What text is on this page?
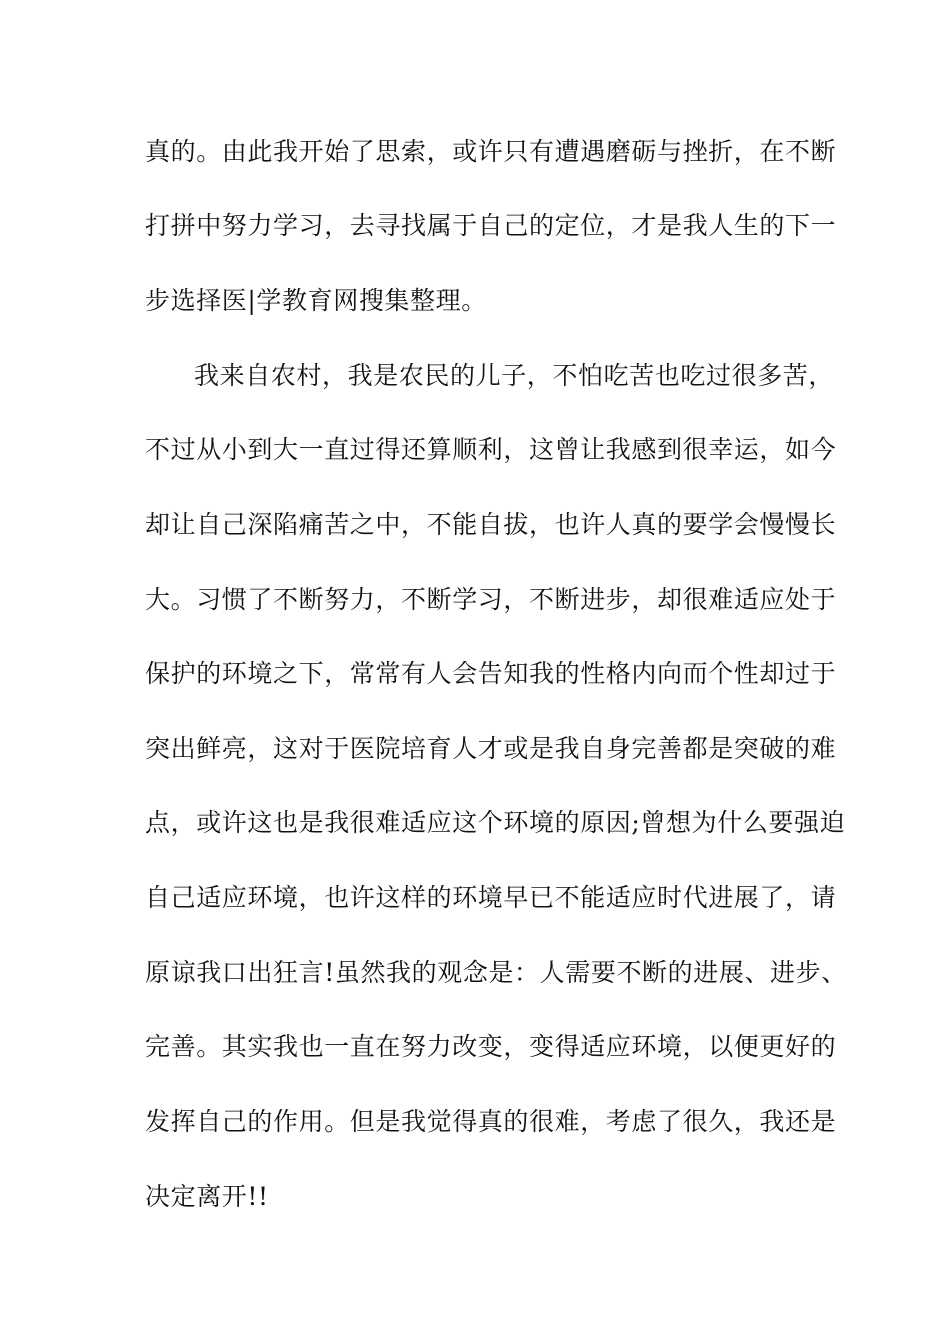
真的。由此我开始了思索，或许只有遭遇磨砺与挫折，在不断
打拼中努力学习，去寻找属于自己的定位，才是我人生的下一
步选择医|学教育网搜集整理。
我来自农村，我是农民的儿子，不怕吃苦也吃过很多苦，
不过从小到大一直过得还算顺利，这曾让我感到很幸运，如今
却让自己深陷痛苦之中，不能自拔，也许人真的要学会慢慢长
大。习惯了不断努力，不断学习，不断进步，却很难适应处于
保护的环境之下，常常有人会告知我的性格内向而个性却过于
突出鲜亮，这对于医院培育人才或是我自身完善都是突破的难
点，或许这也是我很难适应这个环境的原因;曾想为什么要强迫
自己适应环境，也许这样的环境早已不能适应时代进展了，请
原谅我口出狂言!虽然我的观念是：人需要不断的进展、进步、
完善。其实我也一直在努力改变，变得适应环境，以便更好的
发挥自己的作用。但是我觉得真的很难，考虑了很久，我还是
决定离开!!
